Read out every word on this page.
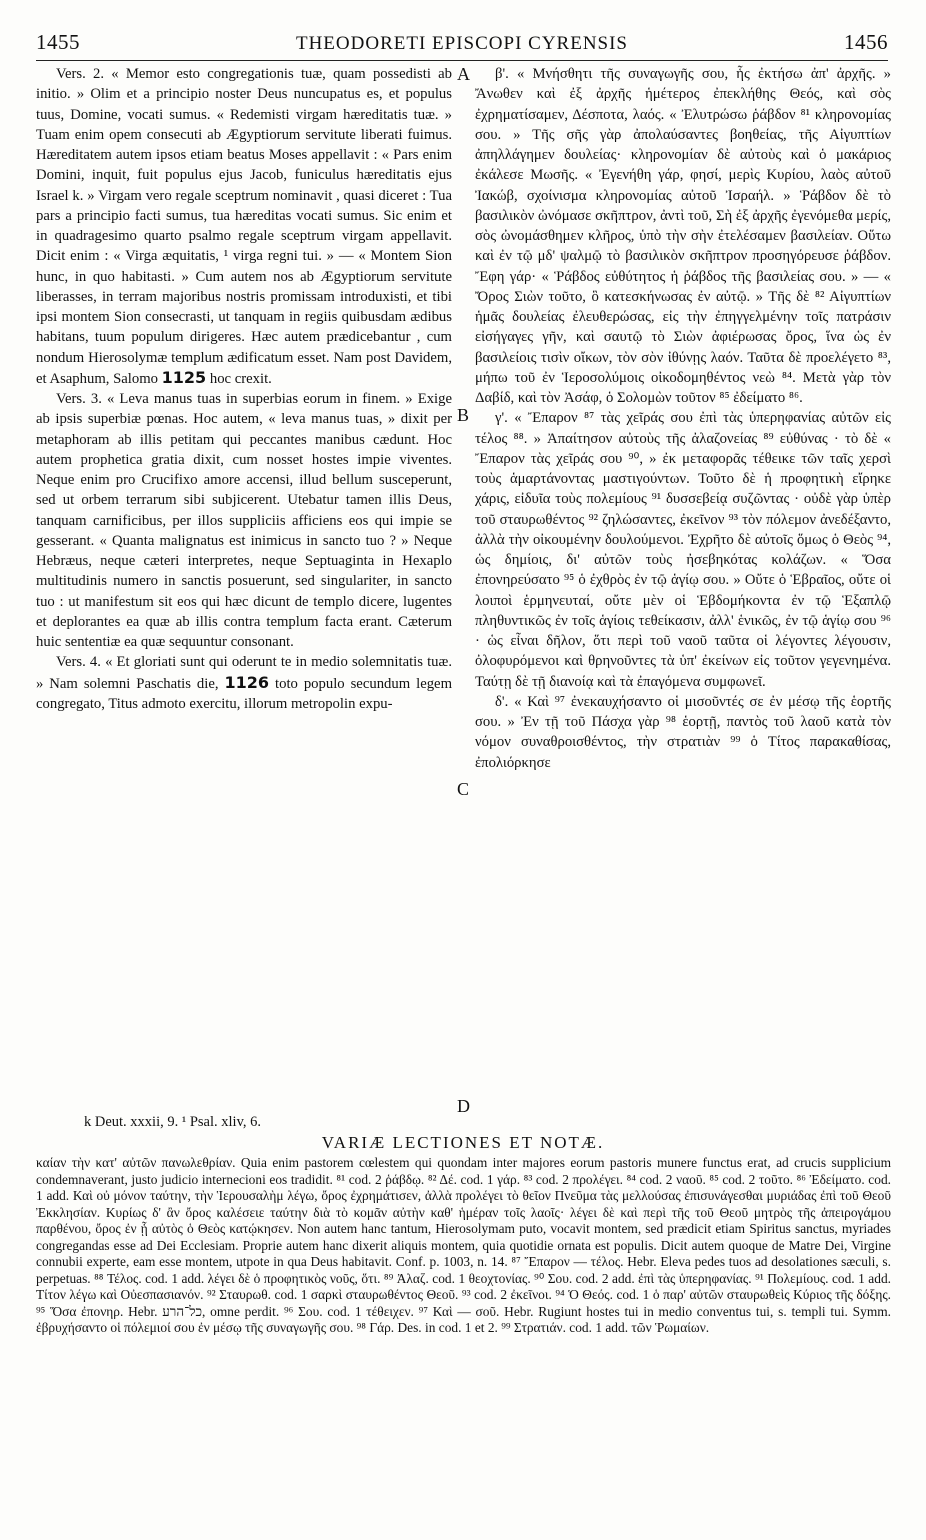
1455	THEODORETI EPISCOPI CYRENSIS	1456
A
B
C
D

Vers. 2. « Memor esto congregationis tuæ, quam possedisti ab initio. » Olim et a principio noster Deus nuncupatus es, et populus tuus, Domine, vocati sumus. « Redemisti virgam hæreditatis tuæ. » Tuam enim opem consecuti ab Ægyptiorum servitute liberati fuimus. Hæreditatem autem ipsos etiam beatus Moses appellavit : « Pars enim Domini, inquit, fuit populus ejus Jacob, funiculus hæreditatis ejus Israel k. » Virgam vero regale sceptrum nominavit , quasi diceret : Tua pars a principio facti sumus, tua hæreditas vocati sumus. Sic enim et in quadragesimo quarto psalmo regale sceptrum virgam appellavit. Dicit enim : « Virga æquitatis, ¹ virga regni tui. » — « Montem Sion hunc, in quo habitasti. » Cum autem nos ab Ægyptiorum servitute liberasses, in terram majoribus nostris promissam introduxisti, et tibi ipsi montem Sion consecrasti, ut tanquam in regiis quibusdam ædibus habitans, tuum populum dirigeres. Hæc autem prædicebantur , cum nondum Hierosolymæ templum ædificatum esset. Nam post Davidem, et Asaphum, Salomo 1125 hoc crexit.

Vers. 3. « Leva manus tuas in superbias eorum in finem. » Exige ab ipsis superbiæ pœnas. Hoc autem, « leva manus tuas, » dixit per metaphoram ab illis petitam qui peccantes manibus cædunt. Hoc autem prophetica gratia dixit, cum nosset hostes impie viventes. Neque enim pro Crucifixo amore accensi, illud bellum susceperunt, sed ut orbem terrarum sibi subjicerent. Utebatur tamen illis Deus, tanquam carnificibus, per illos suppliciis afficiens eos qui impie se gesserant. « Quanta malignatus est inimicus in sancto tuo ? » Neque Hebræus, neque cæteri interpretes, neque Septuaginta in Hexaplo multitudinis numero in sanctis posuerunt, sed singulariter, in sancto tuo : ut manifestum sit eos qui hæc dicunt de templo dicere, lugentes et deplorantes ea quæ ab illis contra templum facta erant. Cæterum huic sententiæ ea quæ sequuntur consonant.

Vers. 4. « Et gloriati sunt qui oderunt te in medio solemnitatis tuæ. » Nam solemni Paschatis die, 1126 toto populo secundum legem congregato, Titus admoto exercitu, illorum metropolin expu-

β'. « Μνήσθητι τῆς συναγωγῆς σου, ἧς ἐκτήσω ἀπ' ἀρχῆς. » Ἄνωθεν καὶ ἐξ ἀρχῆς ἡμέτερος ἐπεκλήθης Θεός, καὶ σὸς ἐχρηματίσαμεν, Δέσποτα, λαός. « Ἐλυτρώσω ῥάβδον ⁸¹ κληρονομίας σου. » Τῆς σῆς γὰρ ἀπολαύσαντες βοηθείας, τῆς Αἰγυπτίων ἀπηλλάγημεν δουλείας· κληρονομίαν δὲ αὐτοὺς καὶ ὁ μακάριος ἐκάλεσε Μωσῆς. « Ἐγενήθη γάρ, φησί, μερὶς Κυρίου, λαὸς αὐτοῦ Ἰακώβ, σχοίνισμα κληρονομίας αὐτοῦ Ἰσραήλ. » Ῥάβδον δὲ τὸ βασιλικὸν ὠνόμασε σκῆπτρον, ἀντὶ τοῦ, Σὴ ἐξ ἀρχῆς ἐγενόμεθα μερίς, σὸς ὠνομάσθημεν κλῆρος, ὑπὸ τὴν σὴν ἐτελέσαμεν βασιλείαν. Οὕτω καὶ ἐν τῷ μδ' ψαλμῷ τὸ βασιλικὸν σκῆπτρον προσηγόρευσε ῥάβδον. Ἔφη γάρ· « Ῥάβδος εὐθύτητος ἡ ῥάβδος τῆς βασιλείας σου. » — « Ὄρος Σιὼν τοῦτο, ὃ κατεσκήνωσας ἐν αὐτῷ. » Τῆς δὲ ⁸² Αἰγυπτίων ἡμᾶς δουλείας ἐλευθερώσας, εἰς τὴν ἐπηγγελμένην τοῖς πατράσιν εἰσήγαγες γῆν, καὶ σαυτῷ τὸ Σιὼν ἀφιέρωσας ὄρος, ἵνα ὡς ἐν βασιλείοις τισὶν οἴκων, τὸν σὸν ἰθύνῃς λαόν. Ταῦτα δὲ προελέγετο ⁸³, μήπω τοῦ ἐν Ἱεροσολύμοις οἰκοδομηθέντος νεὼ ⁸⁴. Μετὰ γὰρ τὸν Δαβίδ, καὶ τὸν Ἀσάφ, ὁ Σολομὼν τοῦτον ⁸⁵ ἐδείματο ⁸⁶.

γ'. « Ἔπαρον ⁸⁷ τὰς χεῖράς σου ἐπὶ τὰς ὑπερηφανίας αὐτῶν εἰς τέλος ⁸⁸. » Ἀπαίτησον αὐτοὺς τῆς ἀλαζονείας ⁸⁹ εὐθύνας · τὸ δὲ « Ἔπαρον τὰς χεῖράς σου ⁹⁰, » ἐκ μεταφορᾶς τέθεικε τῶν ταῖς χερσὶ τοὺς ἁμαρτάνοντας μαστιγούντων. Τοῦτο δὲ ἡ προφητικὴ εἴρηκε χάρις, εἰδυῖα τοὺς πολεμίους ⁹¹ δυσσεβείᾳ συζῶντας · οὐδὲ γὰρ ὑπὲρ τοῦ σταυρωθέντος ⁹² ζηλώσαντες, ἐκεῖνον ⁹³ τὸν πόλεμον ἀνεδέξαντο, ἀλλὰ τὴν οἰκουμένην δουλούμενοι. Ἐχρῆτο δὲ αὐτοῖς ὅμως ὁ Θεὸς ⁹⁴, ὡς δημίοις, δι' αὐτῶν τοὺς ἠσεβηκότας κολάζων. « Ὅσα ἐπονηρεύσατο ⁹⁵ ὁ ἐχθρὸς ἐν τῷ ἁγίῳ σου. » Οὔτε ὁ Ἑβραῖος, οὔτε οἱ λοιποὶ ἑρμηνευταί, οὔτε μὲν οἱ Ἑβδομήκοντα ἐν τῷ Ἑξαπλῷ πληθυντικῶς ἐν τοῖς ἁγίοις τεθείκασιν, ἀλλ' ἑνικῶς, ἐν τῷ ἁγίῳ σου ⁹⁶ · ὡς εἶναι δῆλον, ὅτι περὶ τοῦ ναοῦ ταῦτα οἱ λέγοντες λέγουσιν, ὀλοφυρόμενοι καὶ θρηνοῦντες τὰ ὑπ' ἐκείνων εἰς τοῦτον γεγενημένα. Ταύτῃ δὲ τῇ διανοίᾳ καὶ τὰ ἐπαγόμενα συμφωνεῖ.

δ'. « Καὶ ⁹⁷ ἐνεκαυχήσαντο οἱ μισοῦντές σε ἐν μέσῳ τῆς ἑορτῆς σου. » Ἐν τῇ τοῦ Πάσχα γὰρ ⁹⁸ ἑορτῇ, παντὸς τοῦ λαοῦ κατὰ τὸν νόμον συναθροισθέντος, τὴν στρατιὰν ⁹⁹ ὁ Τίτος παρακαθίσας, ἐπολιόρκησε

k Deut. xxxii, 9. ¹ Psal. xliv, 6.
VARIÆ LECTIONES ET NOTÆ.

καίαν τὴν κατ' αὐτῶν πανωλεθρίαν. Quia enim pastorem cœlestem qui quondam inter majores eorum pastoris munere functus erat, ad crucis supplicium condemnaverant, justo judicio internecioni eos tradidit. ⁸¹ cod. 2 ῥάβδῳ. ⁸² Δέ. cod. 1 γάρ. ⁸³ cod. 2 προλέγει. ⁸⁴ cod. 2 ναοῦ. ⁸⁵ cod. 2 τοῦτο. ⁸⁶ Ἐδείματο. cod. 1 add. Καὶ οὐ μόνον ταύτην, τὴν Ἱερουσαλὴμ λέγω, ὄρος ἐχρημάτισεν, ἀλλὰ προλέγει τὸ θεῖον Πνεῦμα τὰς μελλούσας ἐπισυνάγεσθαι μυριάδας ἐπὶ τοῦ Θεοῦ Ἐκκλησίαν. Κυρίως δ' ἂν ὄρος καλέσειε ταύτην διὰ τὸ κομᾶν αὐτὴν καθ' ἡμέραν τοῖς λαοῖς· λέγει δὲ καὶ περὶ τῆς τοῦ Θεοῦ μητρὸς τῆς ἀπειρογάμου παρθένου, ὄρος ἐν ᾗ αὐτὸς ὁ Θεὸς κατῴκησεν. Non autem hanc tantum, Hierosolymam puto, vocavit montem, sed prædicit etiam Spiritus sanctus, myriades congregandas esse ad Dei Ecclesiam. Proprie autem hanc dixerit aliquis montem, quia quotidie ornata est populis. Dicit autem quoque de Matre Dei, Virgine connubii experte, eam esse montem, utpote in qua Deus habitavit. Conf. p. 1003, n. 14. ⁸⁷ Ἔπαρον — τέλος. Hebr. Eleva pedes tuos ad desolationes sæculi, s. perpetuas. ⁸⁸ Τέλος. cod. 1 add. λέγει δὲ ὁ προφητικὸς νοῦς, ὅτι. ⁸⁹ Ἀλαζ. cod. 1 θεοχτονίας. ⁹⁰ Σου. cod. 2 add. ἐπὶ τὰς ὑπερηφανίας. ⁹¹ Πολεμίους. cod. 1 add. Τίτον λέγω καὶ Οὐεσπασιανόν. ⁹² Σταυρωθ. cod. 1 σαρκὶ σταυρωθέντος Θεοῦ. ⁹³ cod. 2 ἐκεῖνοι. ⁹⁴ Ὁ Θεός. cod. 1 ὁ παρ' αὐτῶν σταυρωθεὶς Κύριος τῆς δόξης. ⁹⁵ Ὅσα ἐπονηρ. Hebr. כל־הרע, omne perdit. ⁹⁶ Σου. cod. 1 τέθειχεν. ⁹⁷ Καὶ — σοῦ. Hebr. Rugiunt hostes tui in medio conventus tui, s. templi tui. Symm. ἐβρυχήσαντο οἱ πόλεμιοί σου ἐν μέσῳ τῆς συναγωγῆς σου. ⁹⁸ Γάρ. Des. in cod. 1 et 2. ⁹⁹ Στρατιάν. cod. 1 add. τῶν Ῥωμαίων.
